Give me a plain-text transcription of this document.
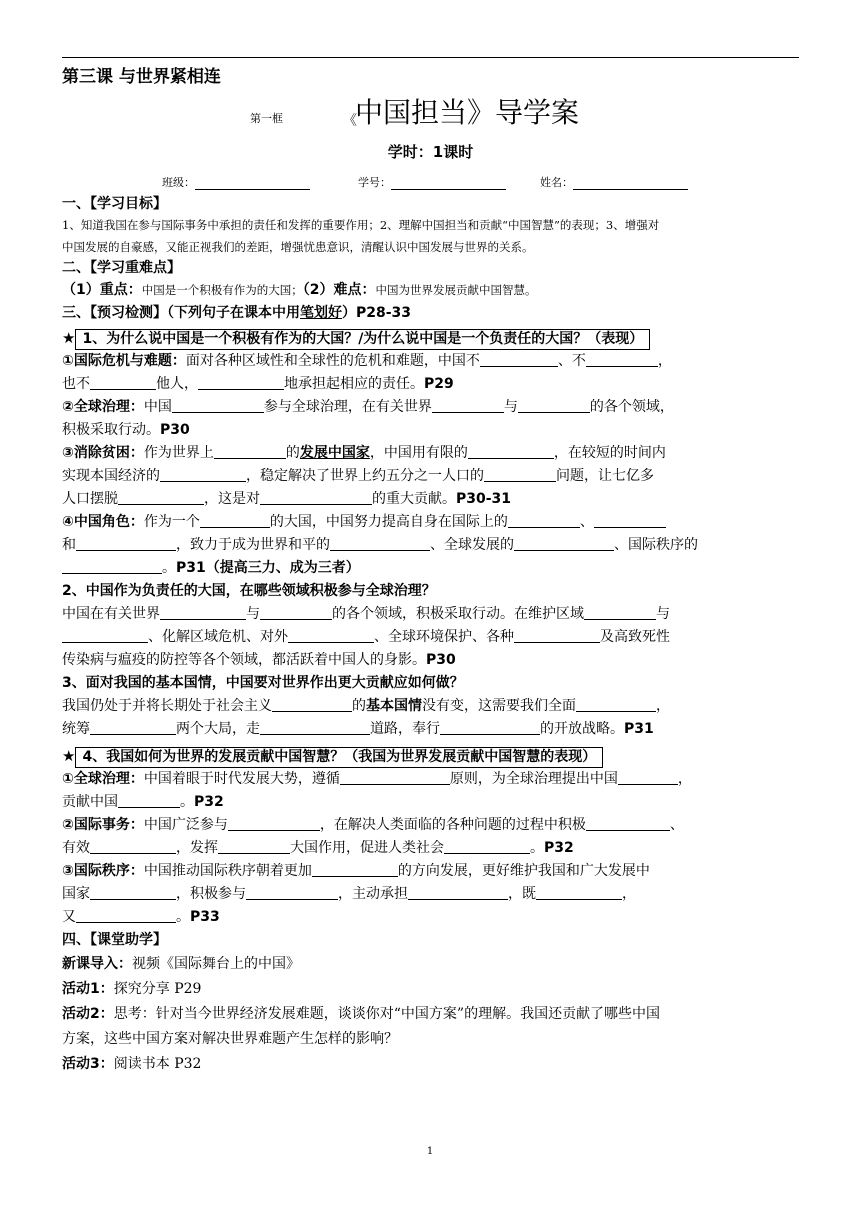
第三课 与世界紧相连
第一框	《
中国担当》导学案
学时：1课时
班级：	学号：	姓名：
一、【学习目标】
1、知道我国在参与国际事务中承担的责任和发挥的重要作用；2、理解中国担当和贡献“中国智慧”的表现；3、增强对
中国发展的自豪感，又能正视我们的差距，增强忧患意识，清醒认识中国发展与世界的关系。
二、【学习重难点】
（1）重点：中国是一个积极有作为的大国；（2）难点：中国为世界发展贡献中国智慧。
三、【预习检测】（下列句子在课本中用笔划好）P28-33
★ 1、为什么说中国是一个积极有作为的大国？/为什么说中国是一个负责任的大国？（表现）
①国际危机与难题：面对各种区域性和全球性的危机和难题，中国不	、不	，
也不	他人，	地承担起相应的责任。P29
②全球治理：中国	参与全球治理，在有关世界	与	的各个领域，
积极采取行动。P30
③消除贫困：作为世界上	的发展中国家，中国用有限的	，在较短的时间内
实现本国经济的	，稳定解决了世界上约五分之一人口的	问题，让七亿多
人口摆脱	，这是对	的重大贡献。P30-31
④中国角色：作为一个	的大国，中国努力提高自身在国际上的	、
和	，致力于成为世界和平的	、全球发展的	、国际秩序的
。P31（提高三力、成为三者）
2、中国作为负责任的大国，在哪些领域积极参与全球治理？
中国在有关世界	与	的各个领域，积极采取行动。在维护区域	与
、化解区域危机、对外	、全球环境保护、各种	及高致死性
传染病与瘟疫的防控等各个领域，都活跃着中国人的身影。P30
3、面对我国的基本国情，中国要对世界作出更大贡献应如何做？
我国仍处于并将长期处于社会主义	的基本国情没有变，这需要我们全面	，
统筹	两个大局，走	道路，奉行	的开放战略。P31
★ 4、我国如何为世界的发展贡献中国智慧？（我国为世界发展贡献中国智慧的表现）
①全球治理：中国着眼于时代发展大势，遵循	原则，为全球治理提出中国	，
贡献中国	。P32
②国际事务：中国广泛参与	，在解决人类面临的各种问题的过程中积极	、
有效	，发挥	大国作用，促进人类社会	。P32
③国际秩序：中国推动国际秩序朝着更加	的方向发展，更好维护我国和广大发展中
国家	，积极参与	，主动承担	，既	，
又	。P33
四、【课堂助学】
新课导入：视频《国际舞台上的中国》
活动1：探究分享 P29
活动2：思考：针对当今世界经济发展难题，谈谈你对“中国方案”的理解。我国还贡献了哪些中国
方案，这些中国方案对解决世界难题产生怎样的影响？
活动3：阅读书本 P32
1
